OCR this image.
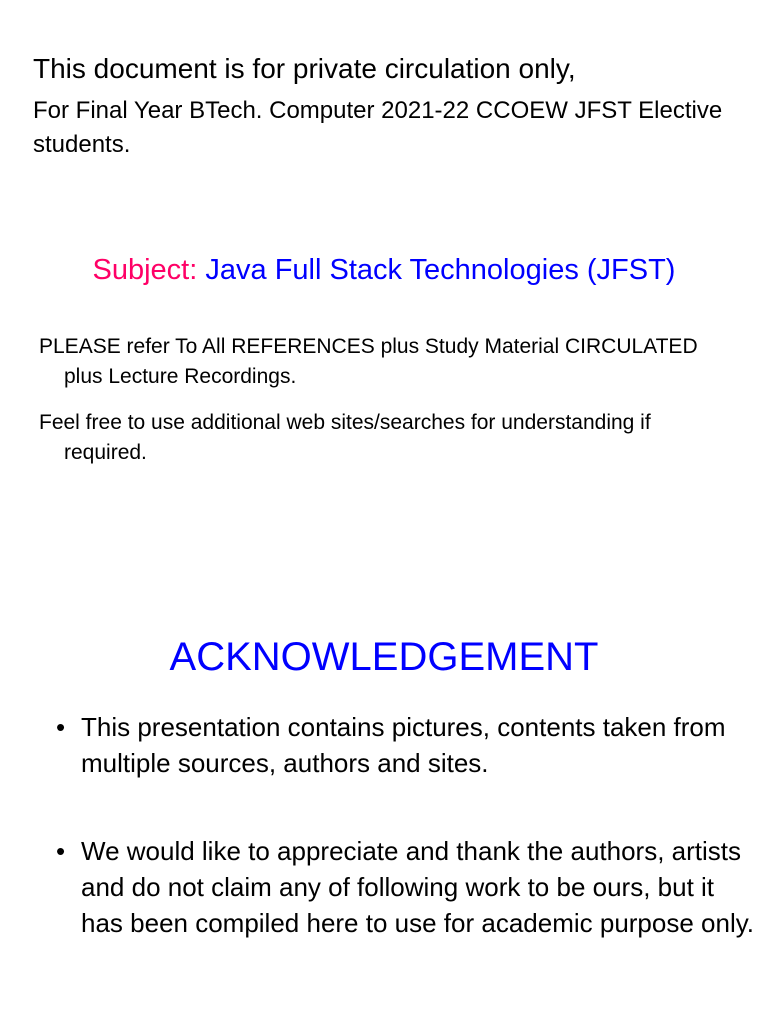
This document is for private circulation only,
For Final Year BTech. Computer 2021-22 CCOEW JFST Elective students.
Subject: Java Full Stack Technologies (JFST)
PLEASE refer To All REFERENCES plus Study Material CIRCULATED plus Lecture Recordings.
Feel free to use additional web sites/searches for understanding if required.
ACKNOWLEDGEMENT
• This presentation contains pictures, contents taken from multiple sources, authors and sites.
• We would like to appreciate and thank the authors, artists and do not claim any of following work to be ours, but it has been compiled here to use for academic purpose only.
